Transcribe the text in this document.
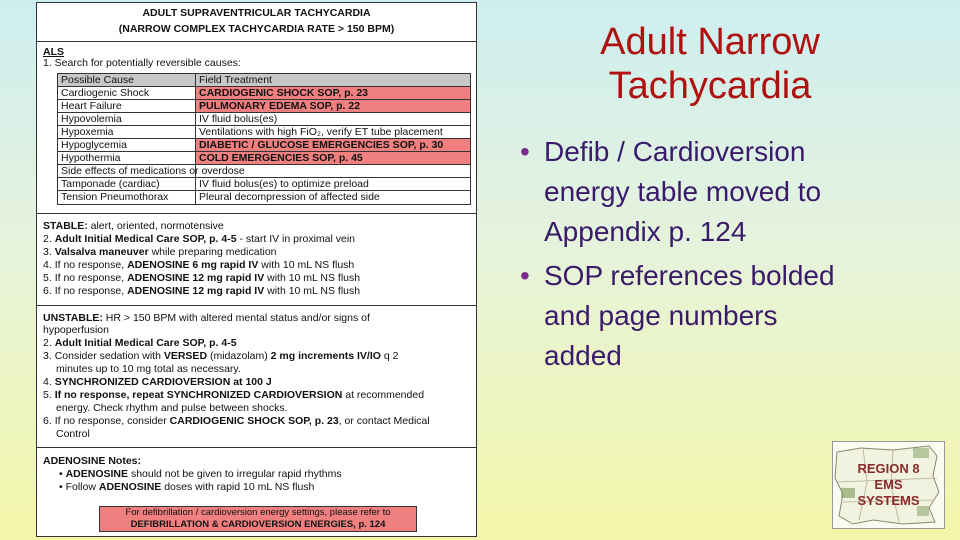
ADULT SUPRAVENTRICULAR TACHYCARDIA
(NARROW COMPLEX TACHYCARDIA RATE > 150 BPM)
ALS
1. Search for potentially reversible causes:
Possible Cause	Field Treatment
Cardiogenic Shock	CARDIOGENIC SHOCK SOP, p. 23
Heart Failure	PULMONARY EDEMA SOP, p. 22
Hypovolemia	IV fluid bolus(es)
Hypoxemia	Ventilations with high FiO₂, verify ET tube placement
Hypoglycemia	DIABETIC / GLUCOSE EMERGENCIES SOP, p. 30
Hypothermia	COLD EMERGENCIES SOP, p. 45
Side effects of medications or overdose
Tamponade (cardiac)	IV fluid bolus(es) to optimize preload
Tension Pneumothorax	Pleural decompression of affected side
STABLE: alert, oriented, normotensive
2. Adult Initial Medical Care SOP, p. 4-5 - start IV in proximal vein
3. Valsalva maneuver while preparing medication
4. If no response, ADENOSINE 6 mg rapid IV with 10 mL NS flush
5. If no response, ADENOSINE 12 mg rapid IV with 10 mL NS flush
6. If no response, ADENOSINE 12 mg rapid IV with 10 mL NS flush
UNSTABLE: HR > 150 BPM with altered mental status and/or signs of
hypoperfusion
2. Adult Initial Medical Care SOP, p. 4-5
3. Consider sedation with VERSED (midazolam) 2 mg increments IV/IO q 2
minutes up to 10 mg total as necessary.
4. SYNCHRONIZED CARDIOVERSION at 100 J
5. If no response, repeat SYNCHRONIZED CARDIOVERSION at recommended
energy. Check rhythm and pulse between shocks.
6. If no response, consider CARDIOGENIC SHOCK SOP, p. 23, or contact Medical
Control
ADENOSINE Notes:
• ADENOSINE should not be given to irregular rapid rhythms
• Follow ADENOSINE doses with rapid 10 mL NS flush
For defibrillation / cardioversion energy settings, please refer to
DEFIBRILLATION & CARDIOVERSION ENERGIES, p. 124
Adult Narrow
Tachycardia
• Defib / Cardioversion
energy table moved to
Appendix p. 124
• SOP references bolded
and page numbers
added
REGION 8
EMS
SYSTEMS
